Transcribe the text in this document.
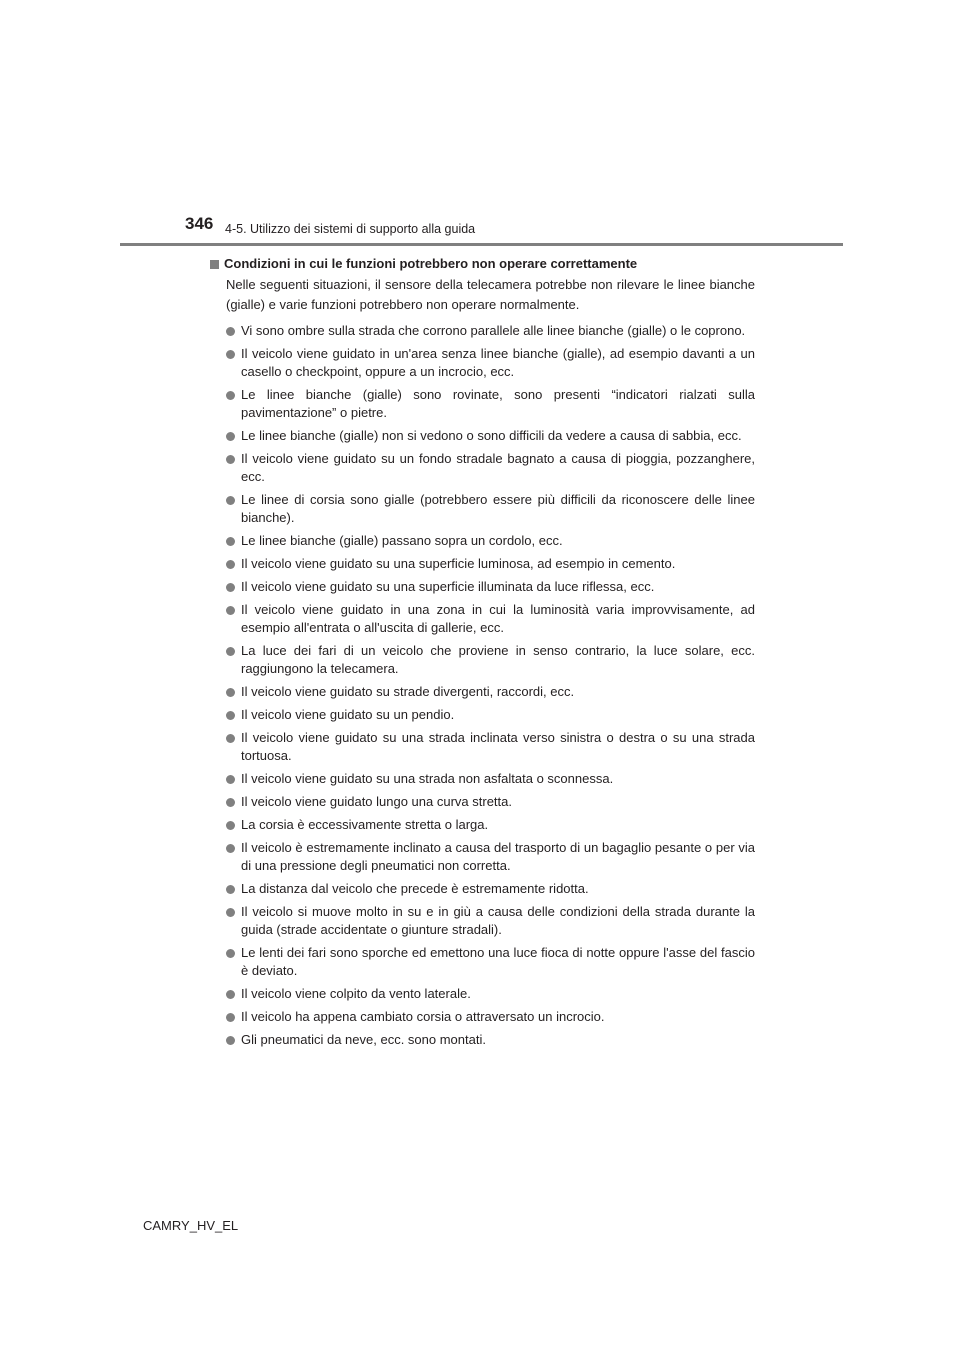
346 4-5. Utilizzo dei sistemi di supporto alla guida
Condizioni in cui le funzioni potrebbero non operare correttamente
Nelle seguenti situazioni, il sensore della telecamera potrebbe non rilevare le linee bianche (gialle) e varie funzioni potrebbero non operare normalmente.
Vi sono ombre sulla strada che corrono parallele alle linee bianche (gialle) o le coprono.
Il veicolo viene guidato in un'area senza linee bianche (gialle), ad esempio davanti a un casello o checkpoint, oppure a un incrocio, ecc.
Le linee bianche (gialle) sono rovinate, sono presenti “indicatori rialzati sulla pavimentazione” o pietre.
Le linee bianche (gialle) non si vedono o sono difficili da vedere a causa di sabbia, ecc.
Il veicolo viene guidato su un fondo stradale bagnato a causa di pioggia, pozzanghere, ecc.
Le linee di corsia sono gialle (potrebbero essere più difficili da riconoscere delle linee bianche).
Le linee bianche (gialle) passano sopra un cordolo, ecc.
Il veicolo viene guidato su una superficie luminosa, ad esempio in cemento.
Il veicolo viene guidato su una superficie illuminata da luce riflessa, ecc.
Il veicolo viene guidato in una zona in cui la luminosità varia improvvisamente, ad esempio all'entrata o all'uscita di gallerie, ecc.
La luce dei fari di un veicolo che proviene in senso contrario, la luce solare, ecc. raggiungono la telecamera.
Il veicolo viene guidato su strade divergenti, raccordi, ecc.
Il veicolo viene guidato su un pendio.
Il veicolo viene guidato su una strada inclinata verso sinistra o destra o su una strada tortuosa.
Il veicolo viene guidato su una strada non asfaltata o sconnessa.
Il veicolo viene guidato lungo una curva stretta.
La corsia è eccessivamente stretta o larga.
Il veicolo è estremamente inclinato a causa del trasporto di un bagaglio pesante o per via di una pressione degli pneumatici non corretta.
La distanza dal veicolo che precede è estremamente ridotta.
Il veicolo si muove molto in su e in giù a causa delle condizioni della strada durante la guida (strade accidentate o giunture stradali).
Le lenti dei fari sono sporche ed emettono una luce fioca di notte oppure l'asse del fascio è deviato.
Il veicolo viene colpito da vento laterale.
Il veicolo ha appena cambiato corsia o attraversato un incrocio.
Gli pneumatici da neve, ecc. sono montati.
CAMRY_HV_EL
